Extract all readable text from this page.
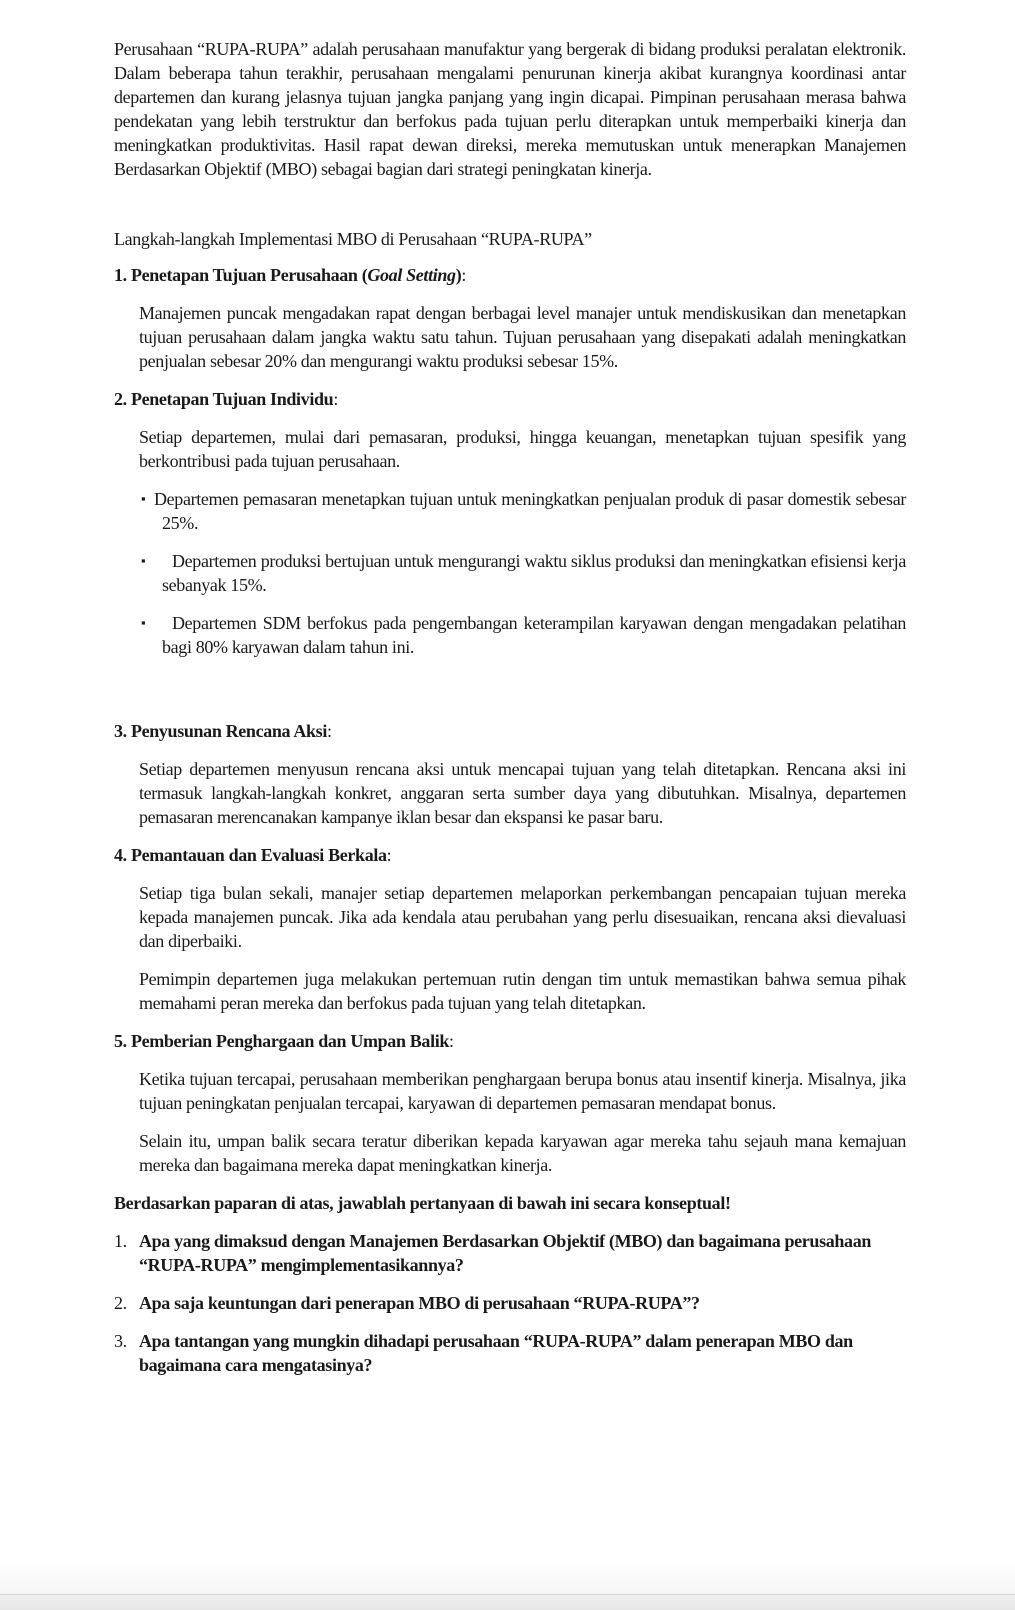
Perusahaan “RUPA-RUPA” adalah perusahaan manufaktur yang bergerak di bidang produksi peralatan elektronik. Dalam beberapa tahun terakhir, perusahaan mengalami penurunan kinerja akibat kurangnya koordinasi antar departemen dan kurang jelasnya tujuan jangka panjang yang ingin dicapai. Pimpinan perusahaan merasa bahwa pendekatan yang lebih terstruktur dan berfokus pada tujuan perlu diterapkan untuk memperbaiki kinerja dan meningkatkan produktivitas. Hasil rapat dewan direksi, mereka memutuskan untuk menerapkan Manajemen Berdasarkan Objektif (MBO) sebagai bagian dari strategi peningkatan kinerja.

Langkah-langkah Implementasi MBO di Perusahaan “RUPA-RUPA”

1. Penetapan Tujuan Perusahaan (Goal Setting):

Manajemen puncak mengadakan rapat dengan berbagai level manajer untuk mendiskusikan dan menetapkan tujuan perusahaan dalam jangka waktu satu tahun. Tujuan perusahaan yang disepakati adalah meningkatkan penjualan sebesar 20% dan mengurangi waktu produksi sebesar 15%.

2. Penetapan Tujuan Individu:

Setiap departemen, mulai dari pemasaran, produksi, hingga keuangan, menetapkan tujuan spesifik yang berkontribusi pada tujuan perusahaan.

▪ Departemen pemasaran menetapkan tujuan untuk meningkatkan penjualan produk di pasar domestik sebesar 25%.

▪ Departemen produksi bertujuan untuk mengurangi waktu siklus produksi dan meningkatkan efisiensi kerja sebanyak 15%.

▪ Departemen SDM berfokus pada pengembangan keterampilan karyawan dengan mengadakan pelatihan bagi 80% karyawan dalam tahun ini.

3. Penyusunan Rencana Aksi:

Setiap departemen menyusun rencana aksi untuk mencapai tujuan yang telah ditetapkan. Rencana aksi ini termasuk langkah-langkah konkret, anggaran serta sumber daya yang dibutuhkan. Misalnya, departemen pemasaran merencanakan kampanye iklan besar dan ekspansi ke pasar baru.

4. Pemantauan dan Evaluasi Berkala:

Setiap tiga bulan sekali, manajer setiap departemen melaporkan perkembangan pencapaian tujuan mereka kepada manajemen puncak. Jika ada kendala atau perubahan yang perlu disesuaikan, rencana aksi dievaluasi dan diperbaiki.

Pemimpin departemen juga melakukan pertemuan rutin dengan tim untuk memastikan bahwa semua pihak memahami peran mereka dan berfokus pada tujuan yang telah ditetapkan.

5. Pemberian Penghargaan dan Umpan Balik:

Ketika tujuan tercapai, perusahaan memberikan penghargaan berupa bonus atau insentif kinerja. Misalnya, jika tujuan peningkatan penjualan tercapai, karyawan di departemen pemasaran mendapat bonus.

Selain itu, umpan balik secara teratur diberikan kepada karyawan agar mereka tahu sejauh mana kemajuan mereka dan bagaimana mereka dapat meningkatkan kinerja.

Berdasarkan paparan di atas, jawablah pertanyaan di bawah ini secara konseptual!

1. Apa yang dimaksud dengan Manajemen Berdasarkan Objektif (MBO) dan bagaimana perusahaan “RUPA-RUPA” mengimplementasikannya?

2. Apa saja keuntungan dari penerapan MBO di perusahaan “RUPA-RUPA”?

3. Apa tantangan yang mungkin dihadapi perusahaan “RUPA-RUPA” dalam penerapan MBO dan bagaimana cara mengatasinya?
